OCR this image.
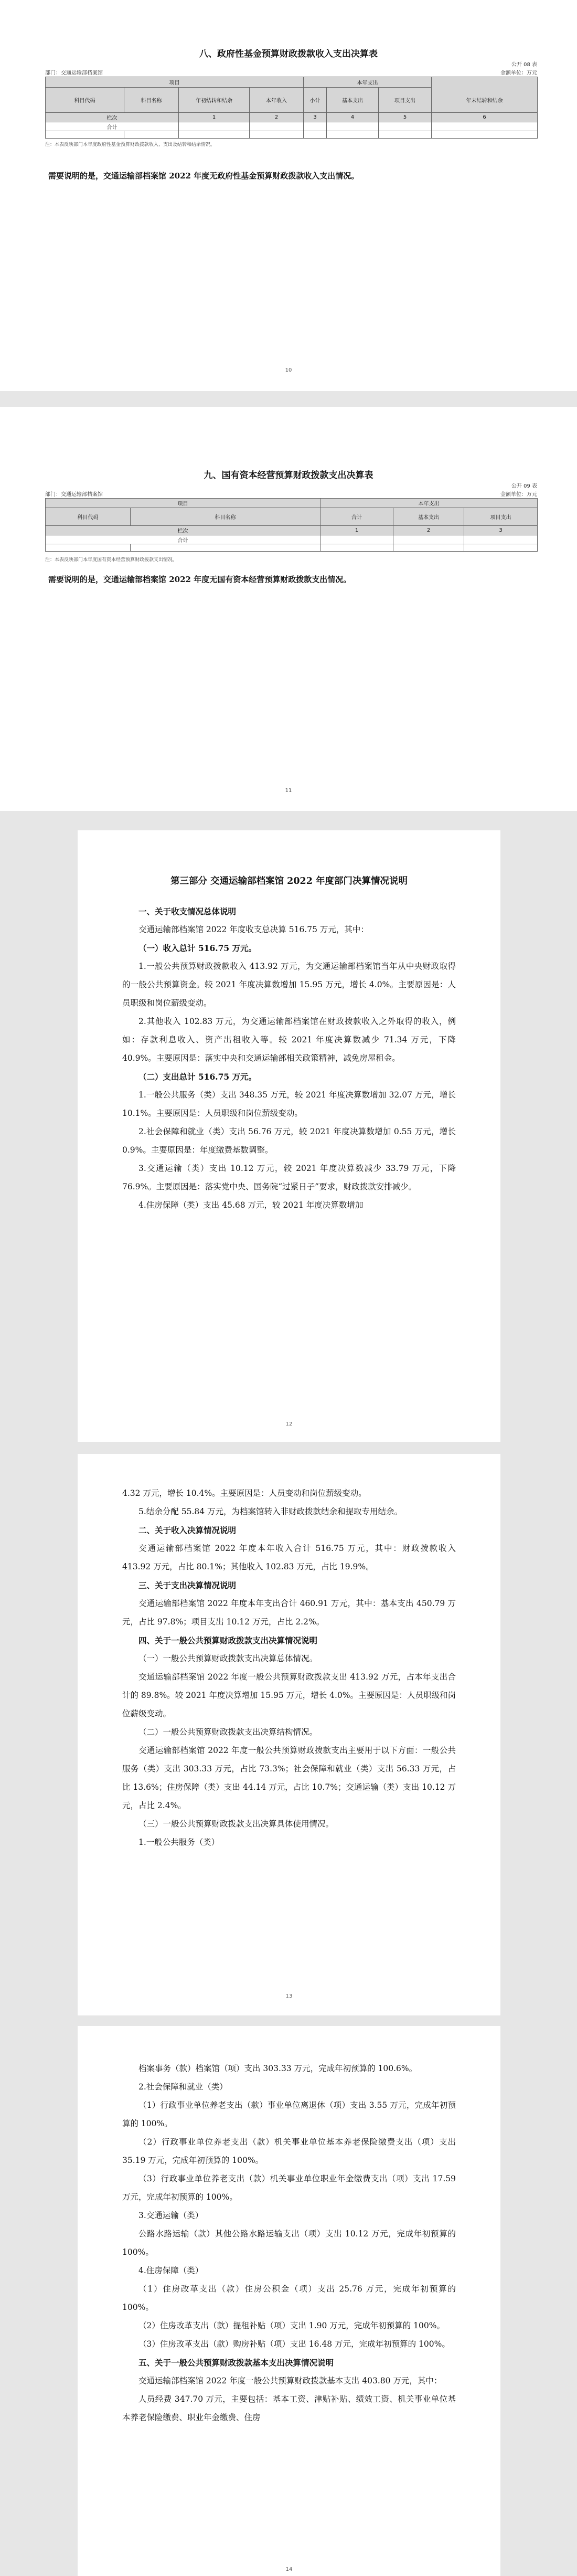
八、政府性基金预算财政拨款收入支出决算表
公开 08 表
部门：交通运输部档案馆	金额单位：万元
项目				本年支出			
科目代码	科目名称	年初结转和结余	本年收入	小计	基本支出	项目支出	年末结转和结余
栏次		1	2	3	4	5	6
合计							

注：本表反映部门本年度政府性基金预算财政拨款收入、支出及结转和结余情况。
需要说明的是，交通运输部档案馆 2022 年度无政府性基金预算财政拨款收入支出情况。
10
九、国有资本经营预算财政拨款支出决算表
公开 09 表
部门：交通运输部档案馆	金额单位：万元
项目		本年支出		
科目代码	科目名称	合计	基本支出	项目支出
栏次		1	2	3
合计				

注：本表反映部门本年度国有资本经营预算财政拨款支出情况。
需要说明的是，交通运输部档案馆 2022 年度无国有资本经营预算财政拨款支出情况。
11
第三部分 交通运输部档案馆 2022 年度部门决算情况说明
一、关于收支情况总体说明

交通运输部档案馆 2022 年度收支总决算 516.75 万元，其中：

（一）收入总计 516.75 万元。

1.一般公共预算财政拨款收入 413.92 万元，为交通运输部档案馆当年从中央财政取得的一般公共预算资金。较 2021 年度决算数增加 15.95 万元，增长 4.0%。主要原因是：人员职级和岗位薪级变动。

2.其他收入 102.83 万元，为交通运输部档案馆在财政拨款收入之外取得的收入，例如：存款利息收入、资产出租收入等。较 2021 年度决算数减少 71.34 万元，下降 40.9%。主要原因是：落实中央和交通运输部相关政策精神，减免房屋租金。

（二）支出总计 516.75 万元。

1.一般公共服务（类）支出 348.35 万元，较 2021 年度决算数增加 32.07 万元，增长 10.1%。主要原因是：人员职级和岗位薪级变动。

2.社会保障和就业（类）支出 56.76 万元，较 2021 年度决算数增加 0.55 万元，增长 0.9%。主要原因是：年度缴费基数调整。

3.交通运输（类）支出 10.12 万元，较 2021 年度决算数减少 33.79 万元，下降 76.9%。主要原因是：落实党中央、国务院“过紧日子”要求，财政拨款安排减少。

4.住房保障（类）支出 45.68 万元，较 2021 年度决算数增加

12

4.32 万元，增长 10.4%。主要原因是：人员变动和岗位薪级变动。

5.结余分配 55.84 万元，为档案馆转入非财政拨款结余和提取专用结余。

二、关于收入决算情况说明

交通运输部档案馆 2022 年度本年收入合计 516.75 万元，其中：财政拨款收入 413.92 万元，占比 80.1%；其他收入 102.83 万元，占比 19.9%。

三、关于支出决算情况说明

交通运输部档案馆 2022 年度本年支出合计 460.91 万元，其中：基本支出 450.79 万元，占比 97.8%；项目支出 10.12 万元，占比 2.2%。

四、关于一般公共预算财政拨款支出决算情况说明

（一）一般公共预算财政拨款支出决算总体情况。

交通运输部档案馆 2022 年度一般公共预算财政拨款支出 413.92 万元，占本年支出合计的 89.8%。较 2021 年度决算增加 15.95 万元，增长 4.0%。主要原因是：人员职级和岗位薪级变动。

（二）一般公共预算财政拨款支出决算结构情况。

交通运输部档案馆 2022 年度一般公共预算财政拨款支出主要用于以下方面：一般公共服务（类）支出 303.33 万元，占比 73.3%；社会保障和就业（类）支出 56.33 万元，占比 13.6%；住房保障（类）支出 44.14 万元，占比 10.7%；交通运输（类）支出 10.12 万元，占比 2.4%。

（三）一般公共预算财政拨款支出决算具体使用情况。

1.一般公共服务（类）

13

档案事务（款）档案馆（项）支出 303.33 万元，完成年初预算的 100.6%。

2.社会保障和就业（类）

（1）行政事业单位养老支出（款）事业单位离退休（项）支出 3.55 万元，完成年初预算的 100%。

（2）行政事业单位养老支出（款）机关事业单位基本养老保险缴费支出（项）支出 35.19 万元，完成年初预算的 100%。

（3）行政事业单位养老支出（款）机关事业单位职业年金缴费支出（项）支出 17.59 万元，完成年初预算的 100%。

3.交通运输（类）

公路水路运输（款）其他公路水路运输支出（项）支出 10.12 万元，完成年初预算的 100%。

4.住房保障（类）

（1）住房改革支出（款）住房公积金（项）支出 25.76 万元，完成年初预算的 100%。

（2）住房改革支出（款）提租补贴（项）支出 1.90 万元，完成年初预算的 100%。

（3）住房改革支出（款）购房补贴（项）支出 16.48 万元，完成年初预算的 100%。

五、关于一般公共预算财政拨款基本支出决算情况说明

交通运输部档案馆 2022 年度一般公共预算财政拨款基本支出 403.80 万元，其中：

人员经费 347.70 万元，主要包括：基本工资、津贴补贴、绩效工资、机关事业单位基本养老保险缴费、职业年金缴费、住房

14
